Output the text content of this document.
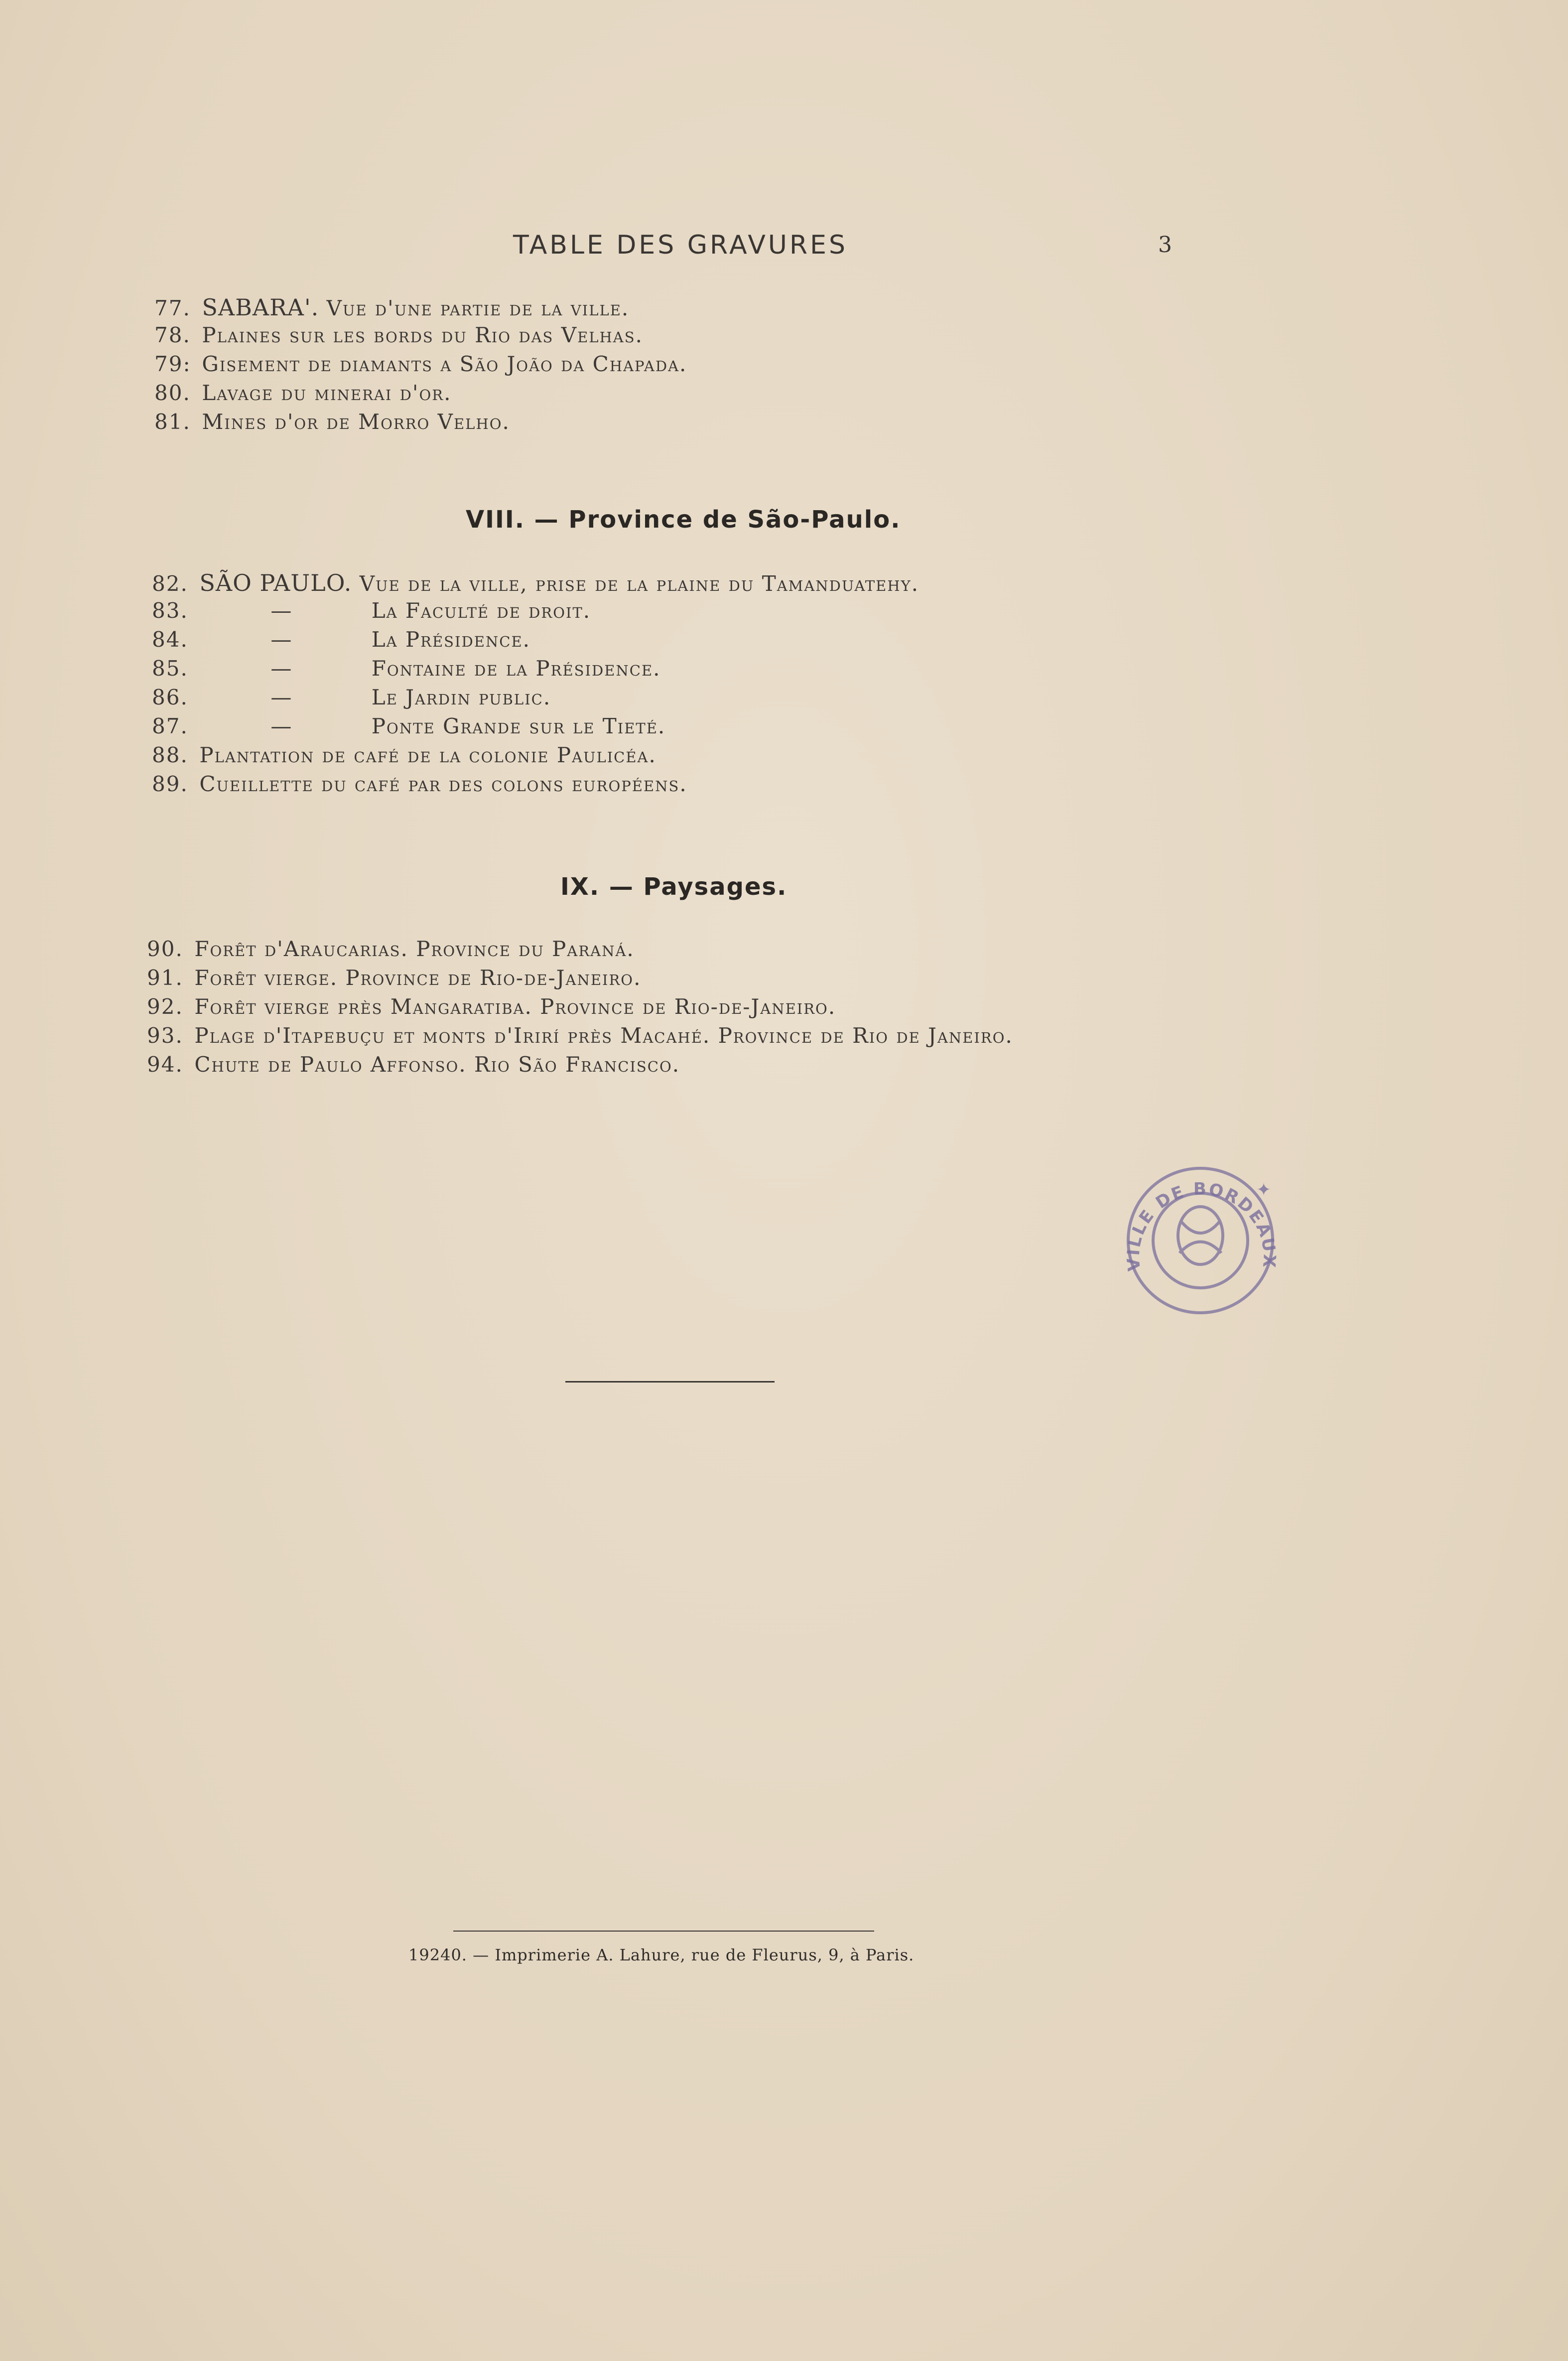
TABLE DES GRAVURES	3
77. SABARA'. Vue d'une partie de la ville.
78. Plaines sur les bords du Rio das Velhas.
79: Gisement de diamants a São João da Chapada.
80. Lavage du minerai d'or.
81. Mines d'or de Morro Velho.
VIII. — Province de São-Paulo.
82. SÃO PAULO. Vue de la ville, prise de la plaine du Tamanduatehy.
83.	—	La Faculté de droit.
84.	—	La Présidence.
85.	—	Fontaine de la Présidence.
86.	—	Le Jardin public.
87.	—	Ponte Grande sur le Tieté.
88. Plantation de café de la colonie Paulicéa.
89. Cueillette du café par des colons européens.
IX. — Paysages.
90. Forêt d'Araucarias. Province du Paraná.
91. Forêt vierge. Province de Rio-de-Janeiro.
92. Forêt vierge près Mangaratiba. Province de Rio-de-Janeiro.
93. Plage d'Itapebuçu et monts d'Irirí près Macahé. Province de Rio de Janeiro.
94. Chute de Paulo Affonso. Rio São Francisco.
VILLE DE BORDEAUX
✦
19240. — Imprimerie A. Lahure, rue de Fleurus, 9, à Paris.
